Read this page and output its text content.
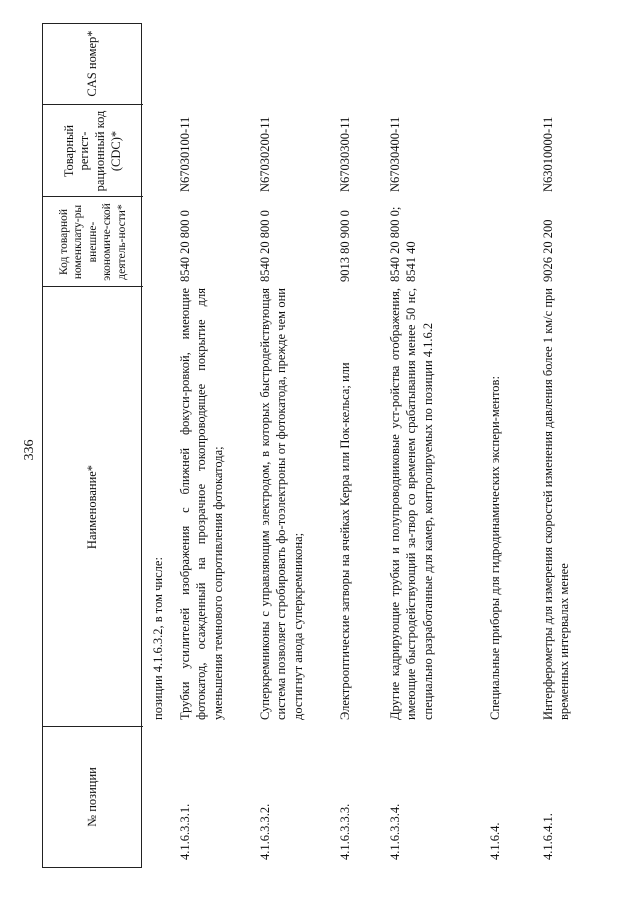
336
№ позиции
Наименование*
Код товарной номенклату-ры внешне-экономиче-ской деятель-ности*
Товарный регист-рационный код (CDC)*
CAS номер*
позиции 4.1.6.3.2, в том числе:
4.1.6.3.3.1.
Трубки усилителей изображения с ближней фокуси-ровкой, имеющие фотокатод, осажденный на прозрачное токопроводящее покрытие для уменьшения темнового сопротивления фотокатода;
8540 20 800 0
N67030100-11
4.1.6.3.3.2.
Суперкремниконы с управляющим электродом, в которых быстродействующая система позволяет стробировать фо-тоэлектроны от фотокатода, прежде чем они достигнут анода суперкремникона;
8540 20 800 0
N67030200-11
4.1.6.3.3.3.
Электрооптические затворы на ячейках Керра или Пок-кельса; или
9013 80 900 0
N67030300-11
4.1.6.3.3.4.
Другие кадрирующие трубки и полупроводниковые уст-ройства отображения, имеющие быстродействующий за-твор со временем срабатывания менее 50 нс, специально разработанные для камер, контролируемых по позиции 4.1.6.2
8540 20 800 0; 8541 40
N67030400-11
4.1.6.4.
Специальные приборы для гидродинамических экспери-ментов:
4.1.6.4.1.
Интерферометры для измерения скоростей изменения давления более 1 км/с при временных интервалах менее
9026 20 200
N63010000-11
